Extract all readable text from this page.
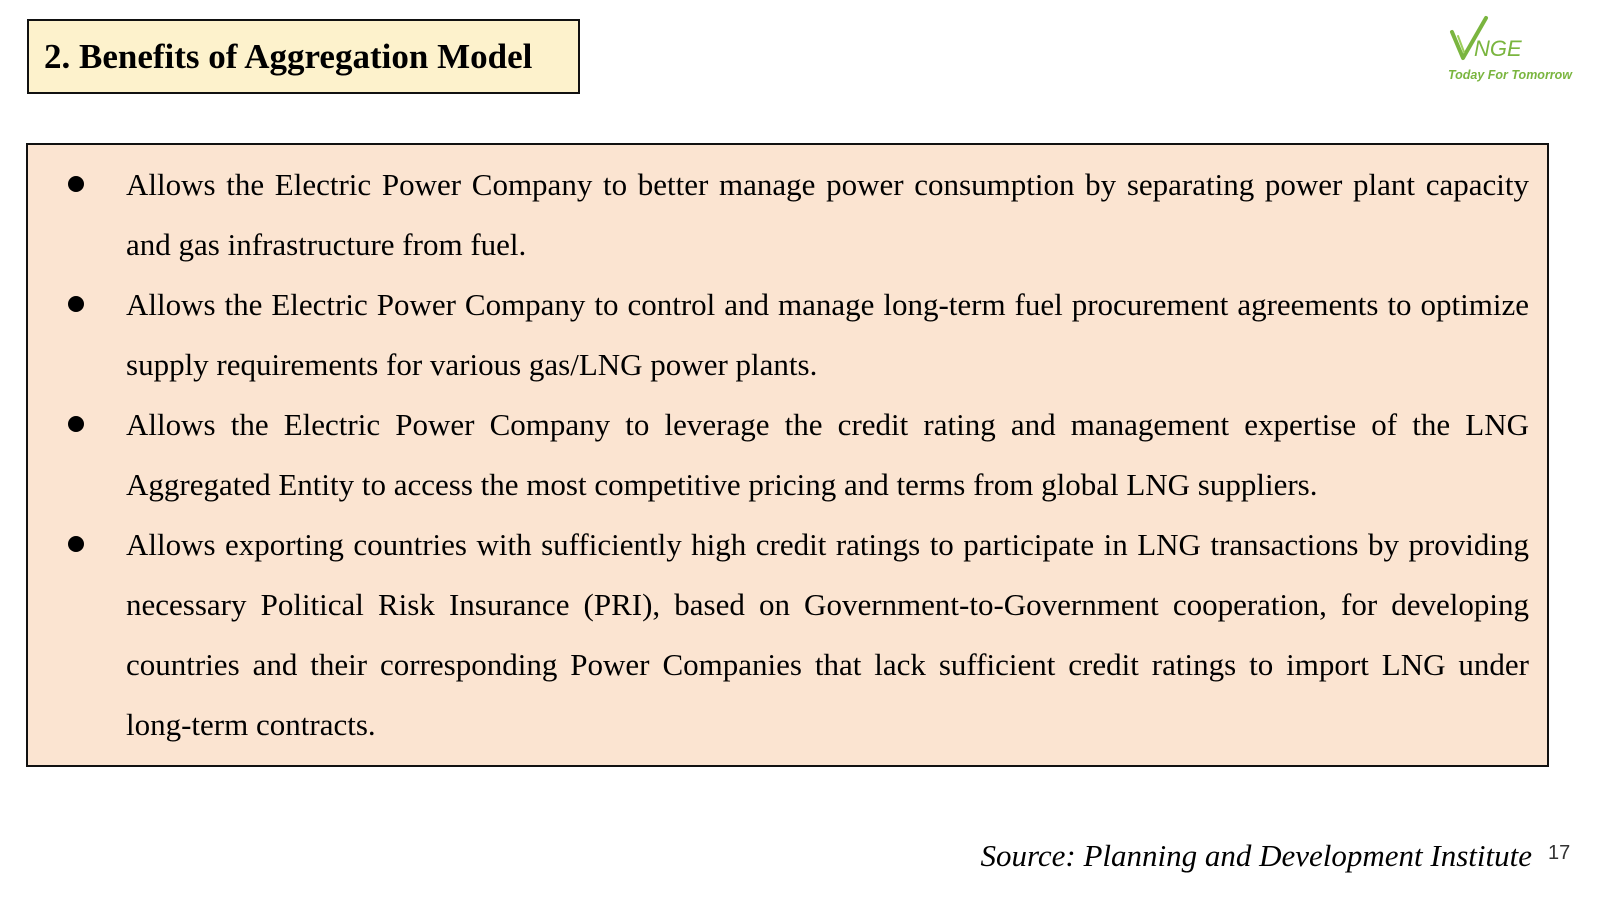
2. Benefits of Aggregation Model	NGE
Today For Tomorrow
Allows the Electric Power Company to better manage power consumption by separating power plant capacity and gas infrastructure from fuel.
Allows the Electric Power Company to control and manage long-term fuel procurement agreements to optimize supply requirements for various gas/LNG power plants.
Allows the Electric Power Company to leverage the credit rating and management expertise of the LNG Aggregated Entity to access the most competitive pricing and terms from global LNG suppliers.
Allows exporting countries with sufficiently high credit ratings to participate in LNG transactions by providing necessary Political Risk Insurance (PRI), based on Government-to-Government cooperation, for developing countries and their corresponding Power Companies that lack sufficient credit ratings to import LNG under long-term contracts.
Source: Planning and Development Institute 17
